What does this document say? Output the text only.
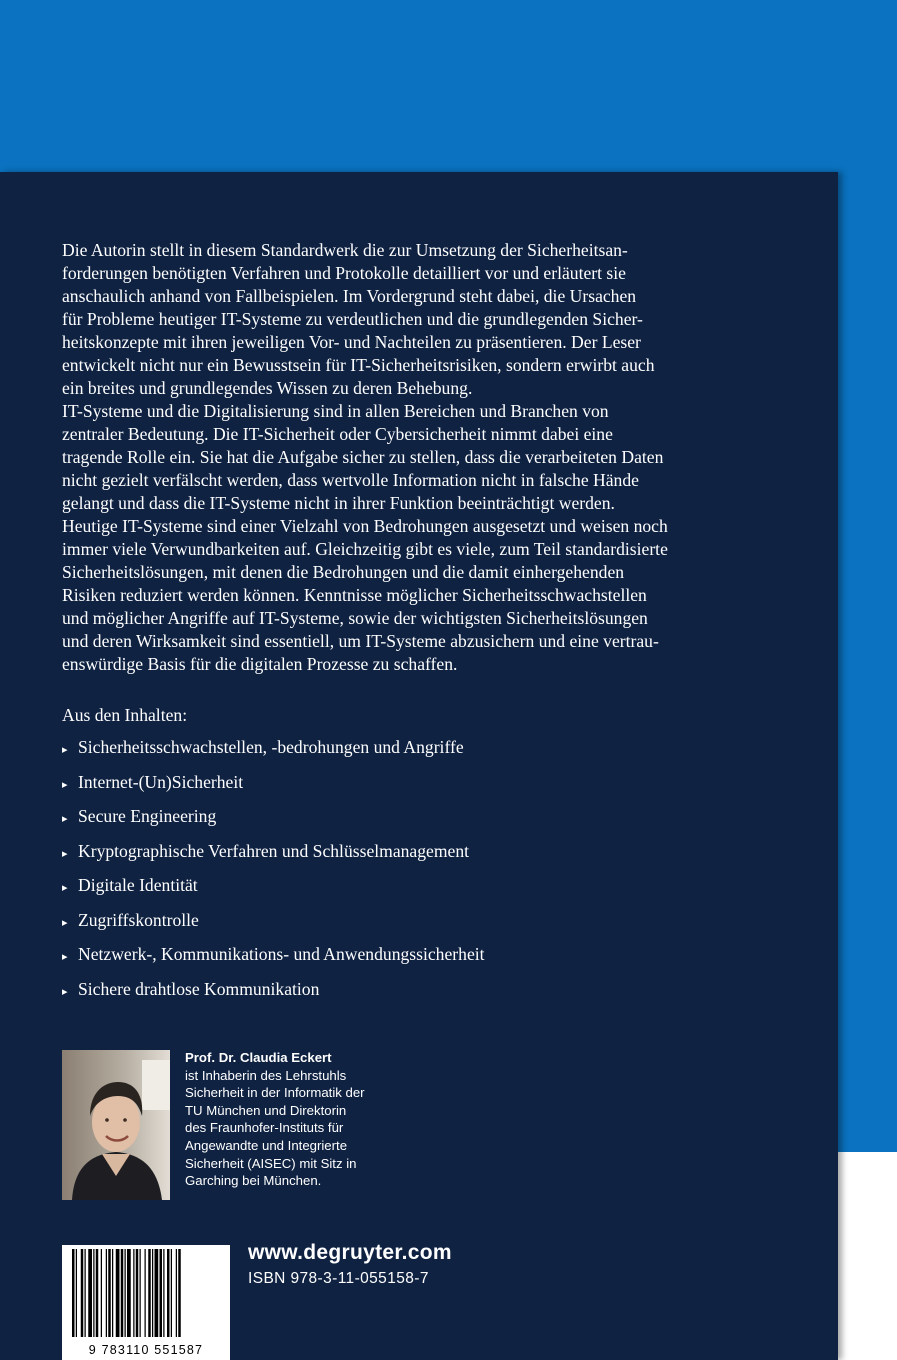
Die Autorin stellt in diesem Standardwerk die zur Umsetzung der Sicherheitsan-
forderungen benötigten Verfahren und Protokolle detailliert vor und erläutert sie
anschaulich anhand von Fallbeispielen. Im Vordergrund steht dabei, die Ursachen
für Probleme heutiger IT-Systeme zu verdeutlichen und die grundlegenden Sicher-
heitskonzepte mit ihren jeweiligen Vor- und Nachteilen zu präsentieren. Der Leser
entwickelt nicht nur ein Bewusstsein für IT-Sicherheitsrisiken, sondern erwirbt auch
ein breites und grundlegendes Wissen zu deren Behebung.

IT-Systeme und die Digitalisierung sind in allen Bereichen und Branchen von
zentraler Bedeutung. Die IT-Sicherheit oder Cybersicherheit nimmt dabei eine
tragende Rolle ein. Sie hat die Aufgabe sicher zu stellen, dass die verarbeiteten Daten
nicht gezielt verfälscht werden, dass wertvolle Information nicht in falsche Hände
gelangt und dass die IT-Systeme nicht in ihrer Funktion beeinträchtigt werden.

Heutige IT-Systeme sind einer Vielzahl von Bedrohungen ausgesetzt und weisen noch
immer viele Verwundbarkeiten auf. Gleichzeitig gibt es viele, zum Teil standardisierte
Sicherheitslösungen, mit denen die Bedrohungen und die damit einhergehenden
Risiken reduziert werden können. Kenntnisse möglicher Sicherheitsschwachstellen
und möglicher Angriffe auf IT-Systeme, sowie der wichtigsten Sicherheitslösungen
und deren Wirksamkeit sind essentiell, um IT-Systeme abzusichern und eine vertrau-
enswürdige Basis für die digitalen Prozesse zu schaffen.

Aus den Inhalten:
▸ Sicherheitsschwachstellen, -bedrohungen und Angriffe
▸ Internet-(Un)Sicherheit
▸ Secure Engineering
▸ Kryptographische Verfahren und Schlüsselmanagement
▸ Digitale Identität
▸ Zugriffskontrolle
▸ Netzwerk-, Kommunikations- und Anwendungssicherheit
▸ Sichere drahtlose Kommunikation
Prof. Dr. Claudia Eckert
ist Inhaberin des Lehrstuhls
Sicherheit in der Informatik der
TU München und Direktorin
des Fraunhofer-Instituts für
Angewandte und Integrierte
Sicherheit (AISEC) mit Sitz in
Garching bei München.
9 783110 551587
www.degruyter.com
ISBN 978-3-11-055158-7
